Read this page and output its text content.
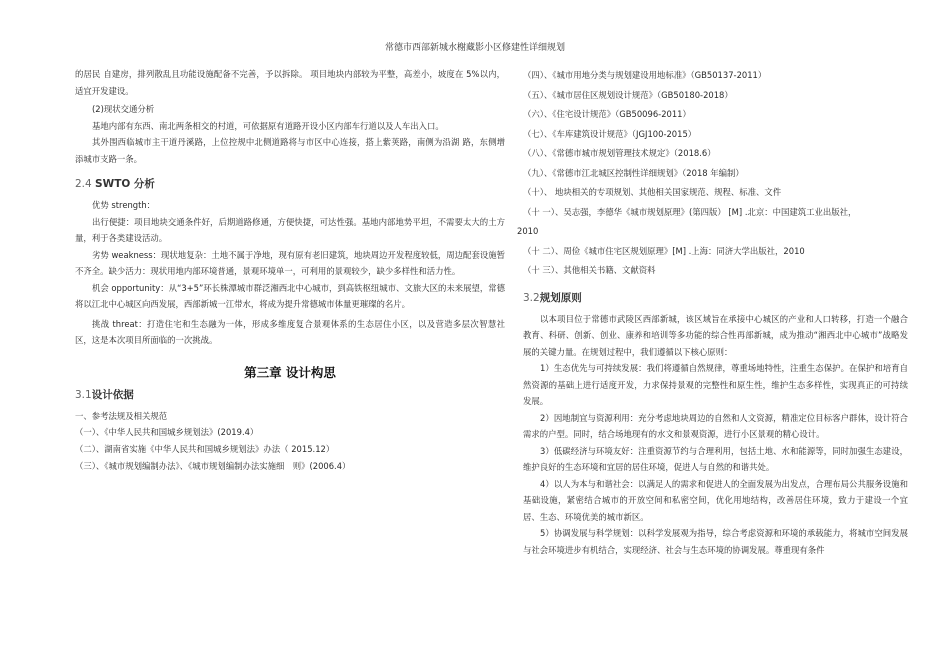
常德市西部新城水榭藏影小区修建性详细规划

的居民 自建房，排列散乱且功能设施配备不完善，予以拆除。 项目地块内部较为平整，高差小，坡度在 5%以内，适宜开发建设。

(2)现状交通分析

基地内部有东西、南北两条相交的村道，可依据原有道路开设小区内部车行道以及人车出入口。

其外围西临城市主干道丹溪路，上位控规中北侧道路将与市区中心连接，搭上紫荚路，南侧为沿湖 路，东侧增添城市支路一条。

2.4 SWTO 分析

优势 strength：

出行便捷：项目地块交通条件好，后期道路修通，方便快捷，可达性强。基地内部地势平坦，不需要太大的土方量，利于各类建设活动。

劣势 weakness：现状地复杂：土地不属于净地，现有原有老旧建筑，地块周边开发程度较低，周边配套设施暂不齐全。缺少活力：现状用地内部环境普通，景观环境单一，可利用的景观较少，缺少多样性和活力性。

机会 opportunity：从“3+5”环长株潭城市群泛湘西北中心城市，到高铁枢纽城市、文旅大区的未来展望，常德将以江北中心城区向西发展，西部新城一江带水，将成为提升常德城市体量更璀璨的名片。

挑战 threat：打造住宅和生态融为一体，形成多维度复合景观体系的生态居住小区，以及营造多层次智慧社区，这是本次项目所面临的一次挑战。

第三章 设计构思
3.1设计依据

一、参考法规及相关规范

（一）、《中华人民共和国城乡规划法》(2019.4）

（二）、湖南省实施《中华人民共和国城乡规划法》办法（ 2015.12）

（三）、《城市规划编制办法》、《城市规划编制办法实施细　则》(2006.4）

（四）、《城市用地分类与规划建设用地标准》（GB50137-2011）

（五）、《城市居住区规划设计规范》（GB50180-2018）

（六）、《住宅设计规范》（GB50096-2011）

（七）、《车库建筑设计规范》（JGJ100-2015）

（八）、《常德市城市规划管理技术规定》（2018.6）

（九）、《常德市江北城区控制性详细规划》（2018 年编制）

（十）、 地块相关的专项规划、其他相关国家规范、规程、标准、文件

（十 一）、吴志强，李德华《城市规划原理》(第四版） [M] .北京：中国建筑工业出版社，

2010

（十 二）、周俭《城市住宅区规划原理》[M] .上海：同济大学出版社，2010

（十 三）、其他相关书籍、文献资料

3.2规划原则

以本项目位于常德市武陵区西部新城，该区域旨在承接中心城区的产业和人口转移，打造一个融合教育、科研、创新、创业、康养和培训等多功能的综合性再部新城，成为推动“湘西北中心城市”战略发展的关键力量。在规划过程中，我们遵循以下核心原则：

1）生态优先与可持续发展：我们将遵循自然规律，尊重场地特性，注重生态保护。在保护和培育自然资源的基础上进行适度开发，力求保持景观的完整性和原生性，维护生态多样性，实现真正的可持续发展。

2）因地制宜与资源利用：充分考虑地块周边的自然和人文资源，精准定位目标客户群体，设计符合需求的户型。同时，结合场地现有的水文和景观资源，进行小区景观的精心设计。

3）低碳经济与环境友好：注重资源节约与合理利用，包括土地、水和能源等，同时加强生态建设，维护良好的生态环境和宜居的居住环境，促进人与自然的和谐共处。

4）以人为本与和谐社会：以满足人的需求和促进人的全面发展为出发点，合理布局公共服务设施和基础设施，紧密结合城市的开放空间和私密空间，优化用地结构，改善居住环境，致力于建设一个宜居、生态、环境优美的城市新区。

5）协调发展与科学规划：以科学发展观为指导，综合考虑资源和环境的承载能力，将城市空间发展与社会环境进步有机结合，实现经济、社会与生态环境的协调发展。尊重现有条件
